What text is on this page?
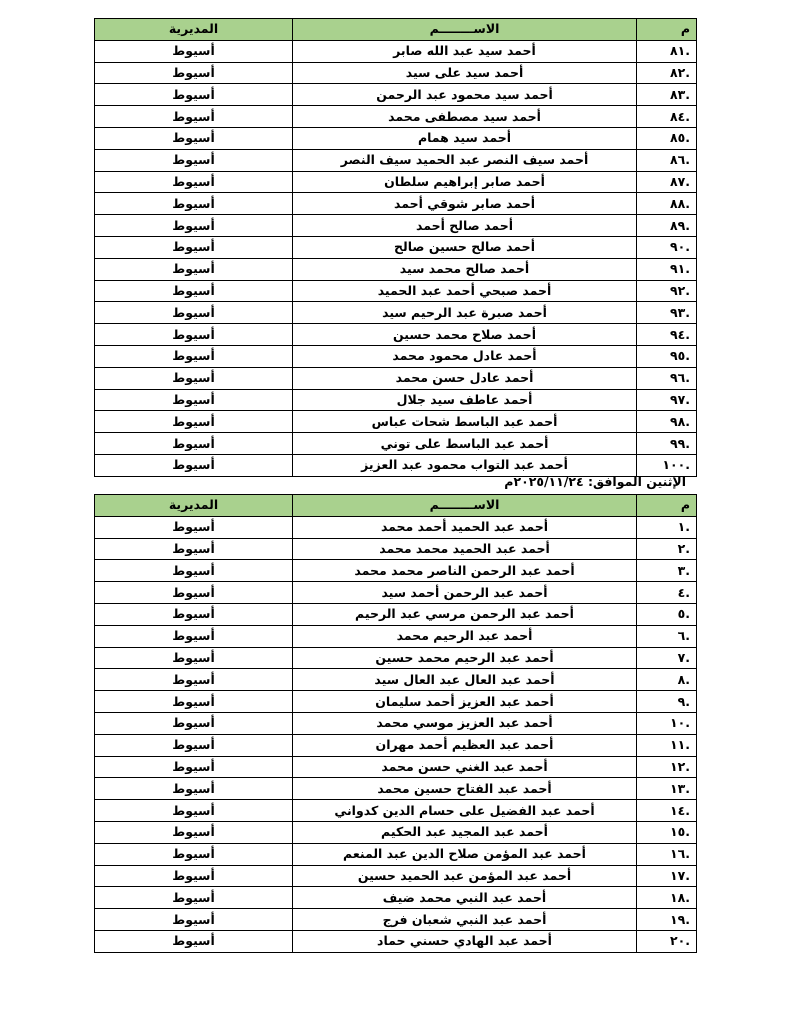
م	الاســــــــم	المديرية
.٨١	أحمد سيد عبد الله صابر	أسيوط
.٨٢	أحمد سيد على سيد	أسيوط
.٨٣	أحمد سيد محمود عبد الرحمن	أسيوط
.٨٤	أحمد سيد مصطفى محمد	أسيوط
.٨٥	أحمد سيد همام	أسيوط
.٨٦	أحمد سيف النصر عبد الحميد سيف النصر	أسيوط
.٨٧	أحمد صابر إبراهيم سلطان	أسيوط
.٨٨	أحمد صابر شوقي أحمد	أسيوط
.٨٩	أحمد صالح أحمد	أسيوط
.٩٠	أحمد صالح حسين صالح	أسيوط
.٩١	أحمد صالح محمد سيد	أسيوط
.٩٢	أحمد صبحي أحمد عبد الحميد	أسيوط
.٩٣	أحمد صبرة عبد الرحيم سيد	أسيوط
.٩٤	أحمد صلاح محمد حسين	أسيوط
.٩٥	أحمد عادل محمود محمد	أسيوط
.٩٦	أحمد عادل حسن محمد	أسيوط
.٩٧	أحمد عاطف سيد جلال	أسيوط
.٩٨	أحمد عبد الباسط شحات عباس	أسيوط
.٩٩	أحمد عبد الباسط على توني	أسيوط
.١٠٠	أحمد عبد التواب محمود عبد العزيز	أسيوط
الإثنين الموافق: ٢٠٢٥/١١/٢٤م
م	الاســــــــم	المديرية
.١	أحمد عبد الحميد أحمد محمد	أسيوط
.٢	أحمد عبد الحميد محمد محمد	أسيوط
.٣	أحمد عبد الرحمن الناصر محمد محمد	أسيوط
.٤	أحمد عبد الرحمن أحمد سيد	أسيوط
.٥	أحمد عبد الرحمن مرسي عبد الرحيم	أسيوط
.٦	أحمد عبد الرحيم محمد	أسيوط
.٧	أحمد عبد الرحيم محمد حسين	أسيوط
.٨	أحمد عبد العال عبد العال سيد	أسيوط
.٩	أحمد عبد العزيز أحمد سليمان	أسيوط
.١٠	أحمد عبد العزيز موسي محمد	أسيوط
.١١	أحمد عبد العظيم أحمد مهران	أسيوط
.١٢	أحمد عبد الغني حسن محمد	أسيوط
.١٣	أحمد عبد الفتاح حسين محمد	أسيوط
.١٤	أحمد عبد الفضيل على حسام الدين كدواني	أسيوط
.١٥	أحمد عبد المجيد عبد الحكيم	أسيوط
.١٦	أحمد عبد المؤمن صلاح الدين عبد المنعم	أسيوط
.١٧	أحمد عبد المؤمن عبد الحميد حسين	أسيوط
.١٨	أحمد عبد النبي محمد ضيف	أسيوط
.١٩	أحمد عبد النبي شعبان فرج	أسيوط
.٢٠	أحمد عبد الهادي حسني حماد	أسيوط
